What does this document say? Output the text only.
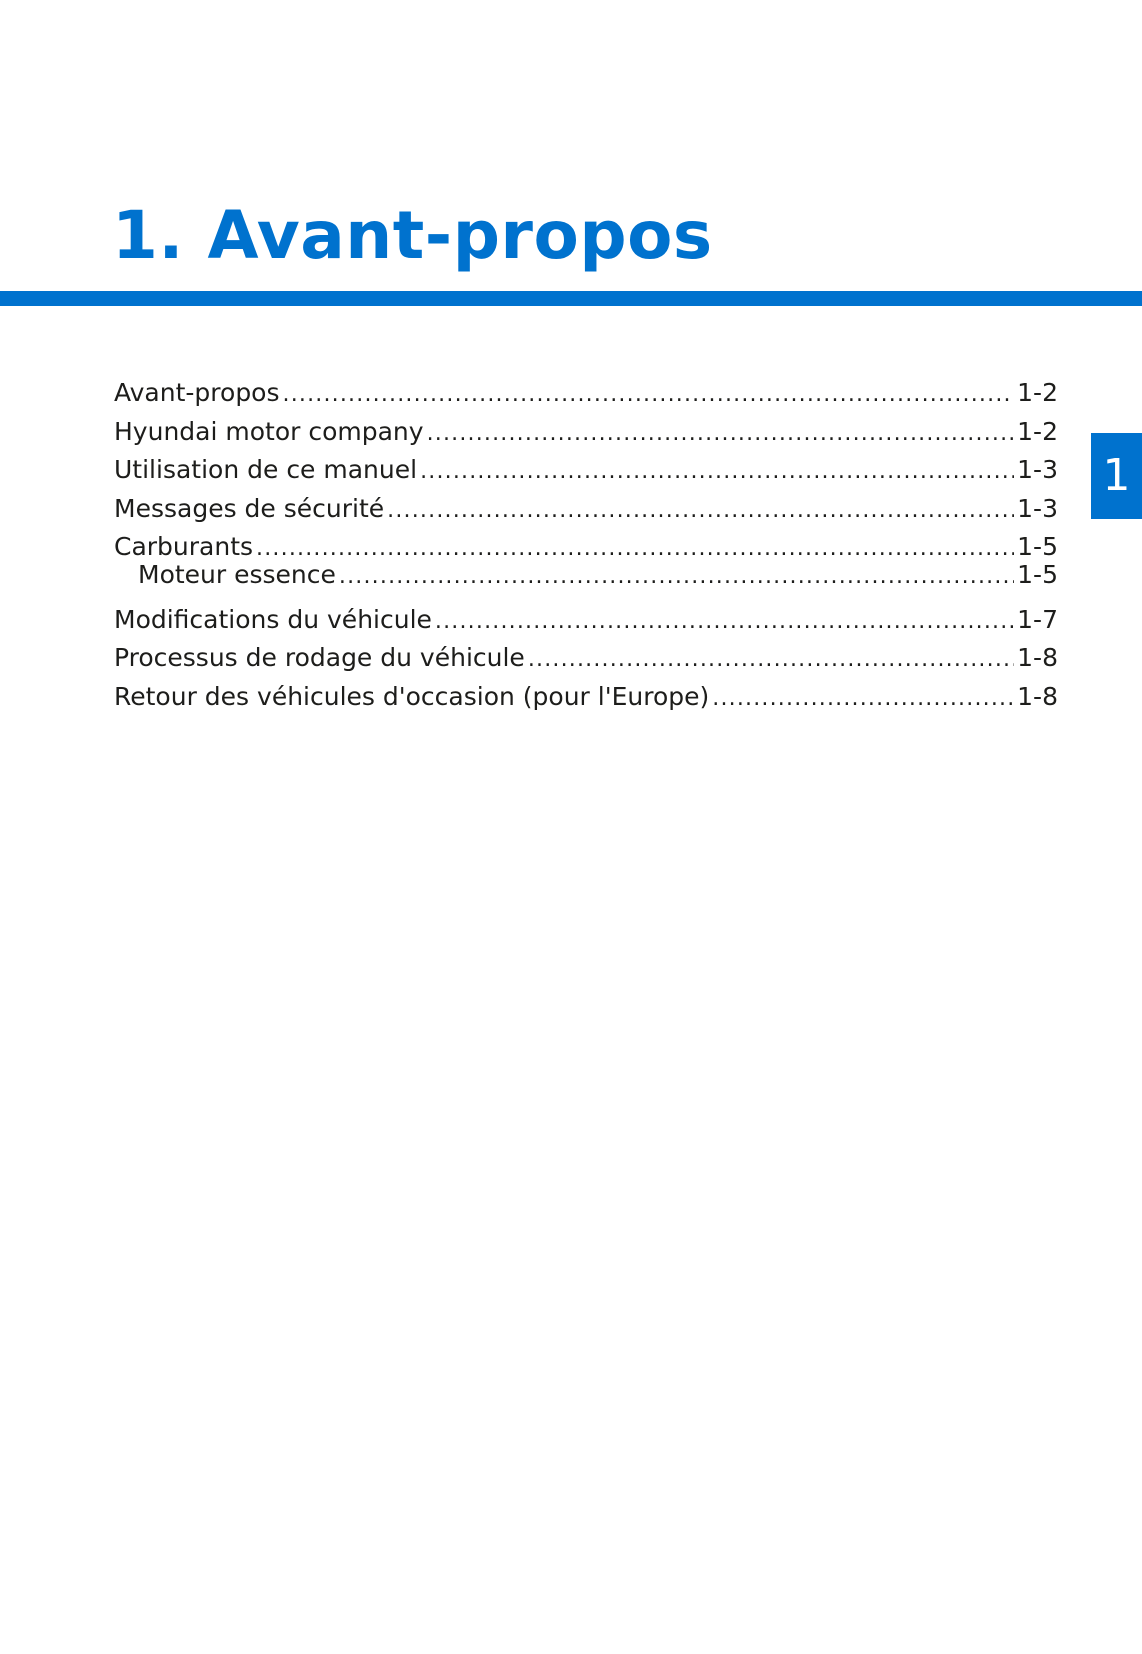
1. Avant-propos
1
Avant-propos .....	1-2
Hyundai motor company .....	1-2
Utilisation de ce manuel .....	1-3
Messages de sécurité .....	1-3
Carburants .....	1-5
Moteur essence .....	1-5
Modifications du véhicule .....	1-7
Processus de rodage du véhicule .....	1-8
Retour des véhicules d'occasion (pour l'Europe) .....	1-8
